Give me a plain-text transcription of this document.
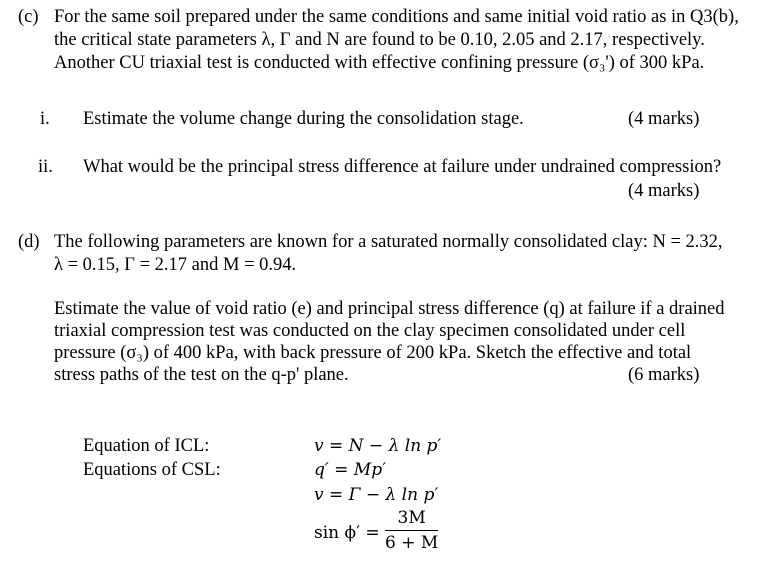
(c) For the same soil prepared under the same conditions and same initial void ratio as in Q3(b),
the critical state parameters λ, Γ and N are found to be 0.10, 2.05 and 2.17, respectively.
Another CU triaxial test is conducted with effective confining pressure (σ₃') of 300 kPa.
i. Estimate the volume change during the consolidation stage.	(4 marks)
ii. What would be the principal stress difference at failure under undrained compression?
(4 marks)
(d) The following parameters are known for a saturated normally consolidated clay: N = 2.32,
λ = 0.15, Γ = 2.17 and M = 0.94.
Estimate the value of void ratio (e) and principal stress difference (q) at failure if a drained
triaxial compression test was conducted on the clay specimen consolidated under cell
pressure (σ₃) of 400 kPa, with back pressure of 200 kPa. Sketch the effective and total
stress paths of the test on the q-p' plane.	(6 marks)
Equation of ICL:
Equations of CSL:
v = N − λ ln p′
q′ = Mp′
v = Γ − λ ln p′
$\sin \phi' = \frac{3M}{6 + M}$
